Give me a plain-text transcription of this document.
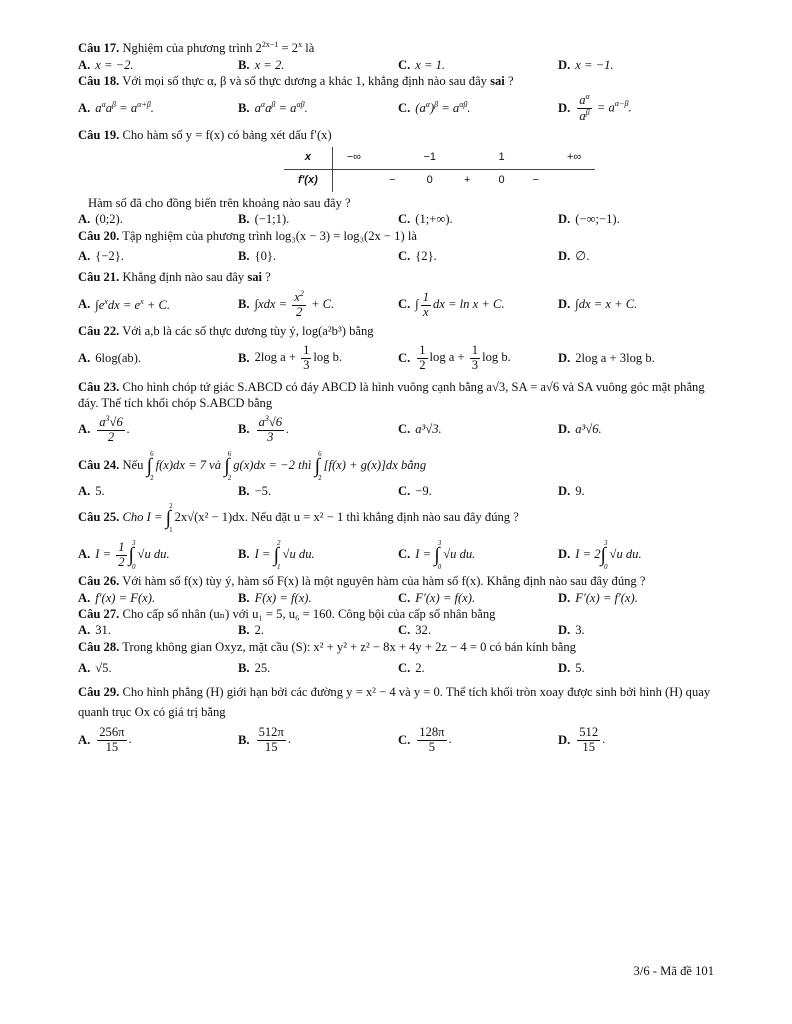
Câu 17. Nghiệm của phương trình $2^{2x-1} = 2^x$ là

A. x = −2.	B. x = 2.	C. x = 1.	D. x = −1.

Câu 18. Với mọi số thực α, β và số thực dương a khác 1, khẳng định nào sau đây sai ?

A. $a^\alpha a^\beta = a^{\alpha+\beta}$.	B. $a^\alpha a^\beta = a^{\alpha\beta}$.	C. $(a^\alpha)^\beta = a^{\alpha\beta}$.	D. $\frac{a^\alpha}{a^\beta} = a^{\alpha-\beta}$.

Câu 19. Cho hàm số y = f(x) có bảng xét dấu f′(x)

x	−∞		−1		1		+∞
f′(x)		−	0	+	0	−	

Hàm số đã cho đồng biến trên khoảng nào sau đây ?

A. (0;2).	B. (−1;1).	C. (1;+∞).	D. (−∞;−1).

Câu 20. Tập nghiệm của phương trình log₃(x − 3) = log₃(2x − 1) là

A. {−2}.	B. {0}.	C. {2}.	D. ∅.

Câu 21. Khẳng định nào sau đây sai ?

A. $\int e^xdx = e^x + C$.	B. $\int xdx = \frac{x^2}{2} + C$.	C. ∫ $\frac{1}{x}$ dx = ln x + C.	D. ∫dx = x + C.

Câu 22. Với a,b là các số thực dương tùy ý, log(a²b³) bằng

A. 6log(ab).	B. 2log $a + \frac{1}{3}$ log b.	C. $\frac{1}{2}$ $\log a + \frac{1}{3}$ log b.	D. 2log a + 3log b.

Câu 23. Cho hình chóp tứ giác S.ABCD có đáy ABCD là hình vuông cạnh bằng a√3, SA = a√6 và SA vuông góc mặt phẳng đáy. Thể tích khối chóp S.ABCD bằng

A. $\frac{a^3√6}{2}$ .	B. $\frac{a^3√6}{3}$ .	C. a³√3.	D. a³√6.

Câu 24.
Nếu
∫
6
2
f(x)dx = 7 và
∫
6
2
g(x)dx = −2 thì
∫
6
2
[f(x) + g(x)]dx bằng

A. 5.	B. −5.	C. −9.	D. 9.

Câu 25.
Cho I =
∫
2
1
2x√(x² − 1)dx. Nếu đặt u = x² − 1 thì khẳng định nào sau đây đúng ?

A. $I = \frac{1}{2}$ ∫
3
0
√u du.	B. I = ∫
2
1
√u du.	C. I = ∫
3
0
√u du.	D. I = 2 ∫
3
0
√u du.

Câu 26. Với hàm số f(x) tùy ý, hàm số F(x) là một nguyên hàm của hàm số f(x). Khẳng định nào sau đây đúng ?

A. f′(x) = F(x).	B. F(x) = f(x).	C. F′(x) = f(x).	D. F′(x) = f′(x).

Câu 27. Cho cấp số nhân (uₙ) với u₁ = 5, u₆ = 160. Công bội của cấp số nhân bằng

A. 31.	B. 2.	C. 32.	D. 3.

Câu 28. Trong không gian Oxyz, mặt cầu (S): x² + y² + z² − 8x + 4y + 2z − 4 = 0 có bán kính bằng

A. √5.	B. 25.	C. 2.	D. 5.

Câu 29. Cho hình phẳng (H) giới hạn bởi các đường y = x² − 4 và y = 0. Thể tích khối tròn xoay được sinh bởi hình (H) quay quanh trục Ox có giá trị bằng

A. $\frac{256\pi}{15}$ .	B. $\frac{512\pi}{15}$ .	C. $\frac{128\pi}{5}$ .	D. $\frac{512}{15}$ .
3/6 - Mã đề 101
